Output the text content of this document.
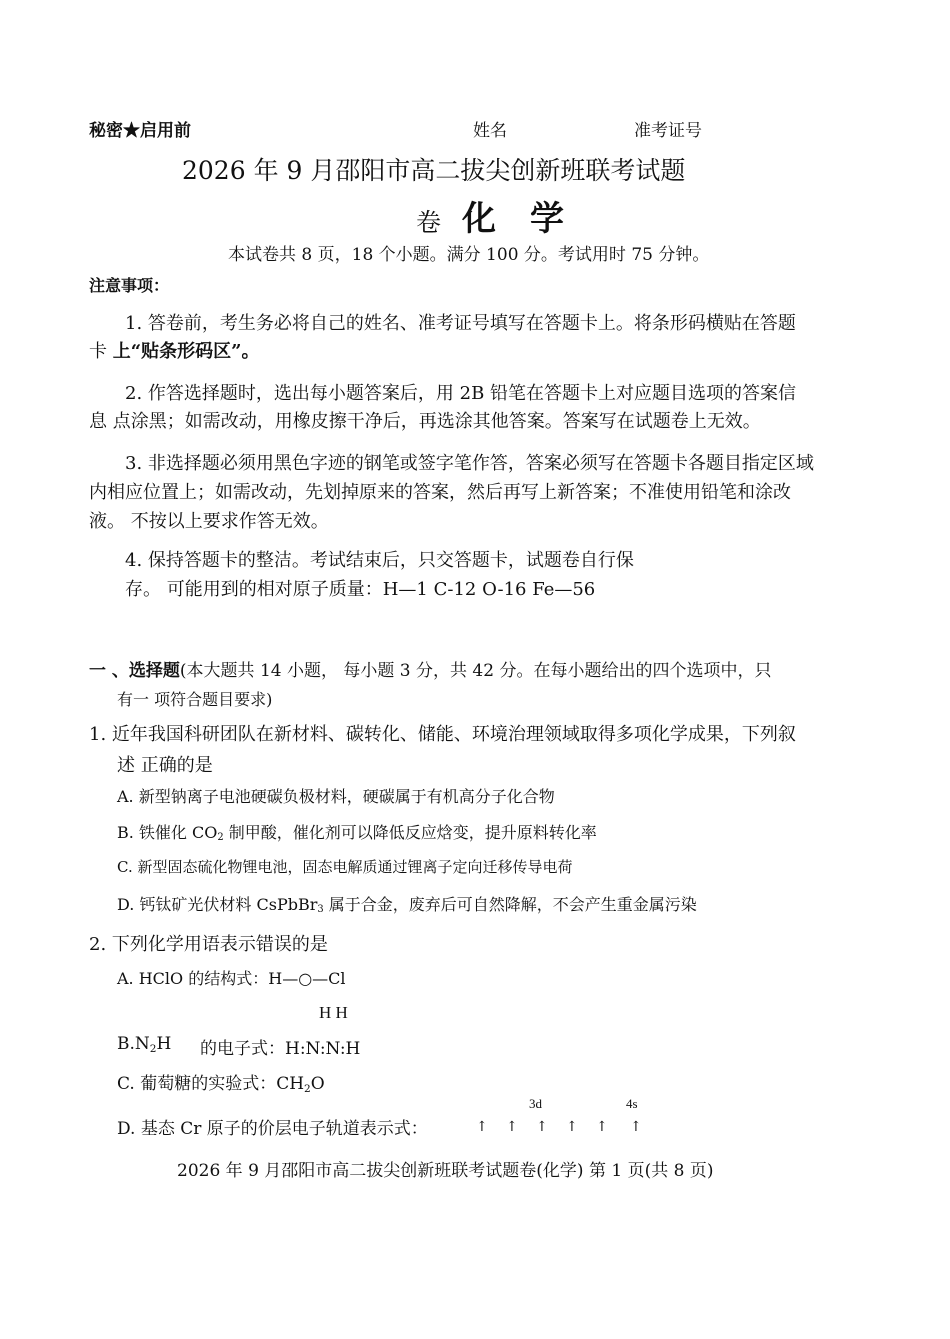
秘密★启用前	姓名	准考证号
2026 年 9 月邵阳市高二拔尖创新班联考试题
卷 化　学
本试卷共 8 页，18 个小题。满分 100 分。考试用时 75 分钟。
注意事项：
1. 答卷前，考生务必将自己的姓名、准考证号填写在答题卡上。将条形码横贴在答题
卡 上“贴条形码区”。
2. 作答选择题时，选出每小题答案后，用 2B 铅笔在答题卡上对应题目选项的答案信
息 点涂黑；如需改动，用橡皮擦干净后，再选涂其他答案。答案写在试题卷上无效。
3. 非选择题必须用黑色字迹的钢笔或签字笔作答，答案必须写在答题卡各题目指定区域
内相应位置上；如需改动，先划掉原来的答案，然后再写上新答案；不准使用铅笔和涂改
液。 不按以上要求作答无效。
4. 保持答题卡的整洁。考试结束后，只交答题卡，试题卷自行保
存。 可能用到的相对原子质量：H—1 C-12 O-16 Fe—56
一 、选择题(本大题共 14 小题， 每小题 3 分，共 42 分。在每小题给出的四个选项中，只
有一 项符合题目要求)
1. 近年我国科研团队在新材料、碳转化、储能、环境治理领域取得多项化学成果，下列叙
述 正确的是
A. 新型钠离子电池硬碳负极材料，硬碳属于有机高分子化合物
B. 铁催化 $CO_2$ 制甲酸，催化剂可以降低反应焓变，提升原料转化率
C. 新型固态硫化物锂电池，固态电解质通过锂离子定向迁移传导电荷
D. 钙钛矿光伏材料 CsPbBr$_3$ 属于合金，废弃后可自然降解，不会产生重金属污染
2. 下列化学用语表示错误的是
A. HClO 的结构式：H—○—Cl
H H
$B.N_2H$ 的电子式：H:N:N:H
C. 葡萄糖的实验式：$CH_2O$
3d	4s
D. 基态 Cr 原子的价层电子轨道表示式：	↑ ↑ ↑ ↑ ↑ ↑
2026 年 9 月邵阳市高二拔尖创新班联考试题卷(化学) 第 1 页(共 8 页)
